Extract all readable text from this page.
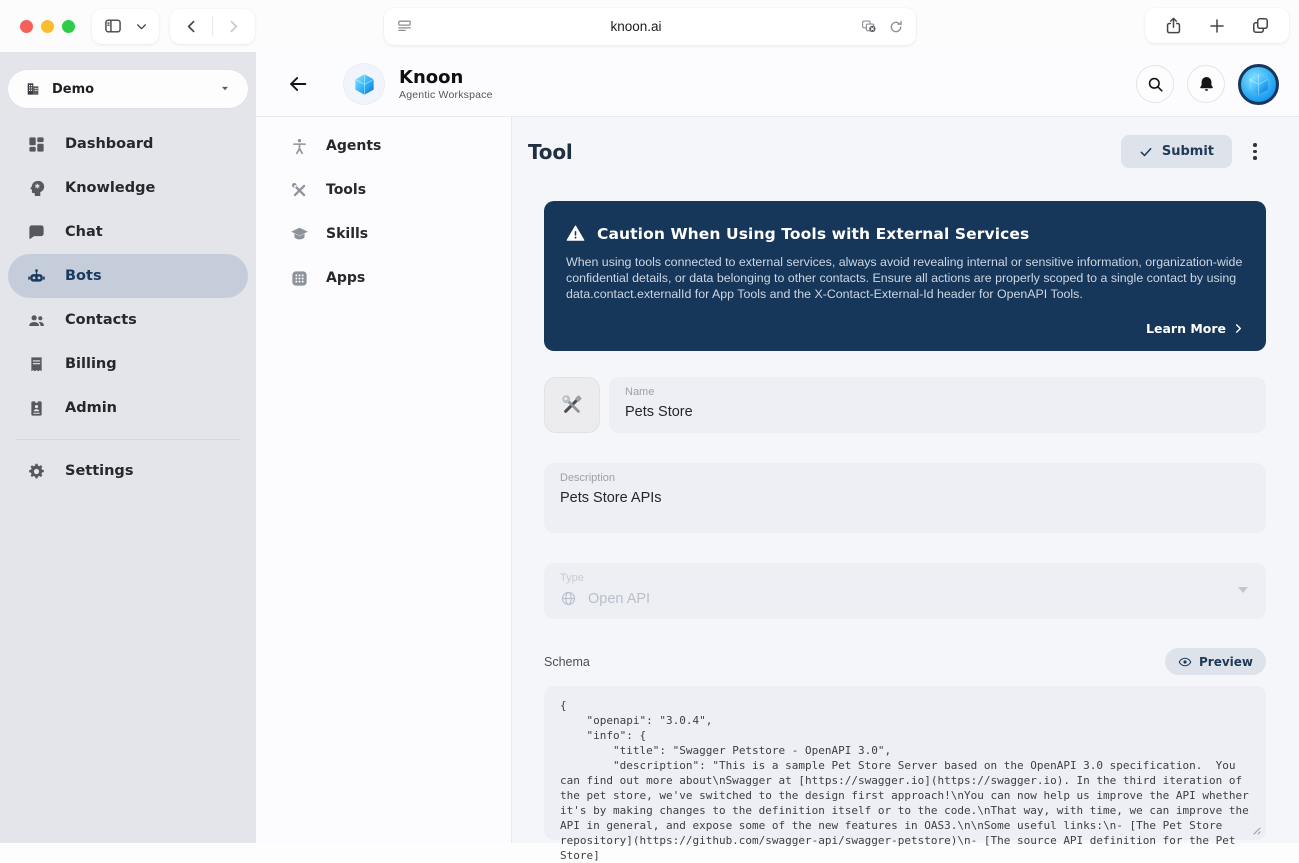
knoon.ai
Demo
Dashboard
Knowledge
Chat
Bots
Contacts
Billing
Admin
Settings
Knoon
Agentic Workspace
Agents
Tools
Skills
Apps
Tool	Submit
Caution When Using Tools with External Services
When using tools connected to external services, always avoid revealing internal or sensitive information, organization-wide confidential details, or data belonging to other contacts. Ensure all actions are properly scoped to a single contact by using data.contact.externalId for App Tools and the X-Contact-External-Id header for OpenAPI Tools.
Learn More
Name
Pets Store
Description
Pets Store APIs
Type
Open API
Schema	Preview
{
"openapi": "3.0.4",
"info": {
"title": "Swagger Petstore - OpenAPI 3.0",
"description": "This is a sample Pet Store Server based on the OpenAPI 3.0 specification.  You can find out more about\nSwagger at [https://swagger.io](https://swagger.io). In the third iteration of the pet store, we've switched to the design first approach!\nYou can now help us improve the API whether it's by making changes to the definition itself or to the code.\nThat way, with time, we can improve the API in general, and expose some of the new features in OAS3.\n\nSome useful links:\n- [The Pet Store repository](https://github.com/swagger-api/swagger-petstore)\n- [The source API definition for the Pet Store]
